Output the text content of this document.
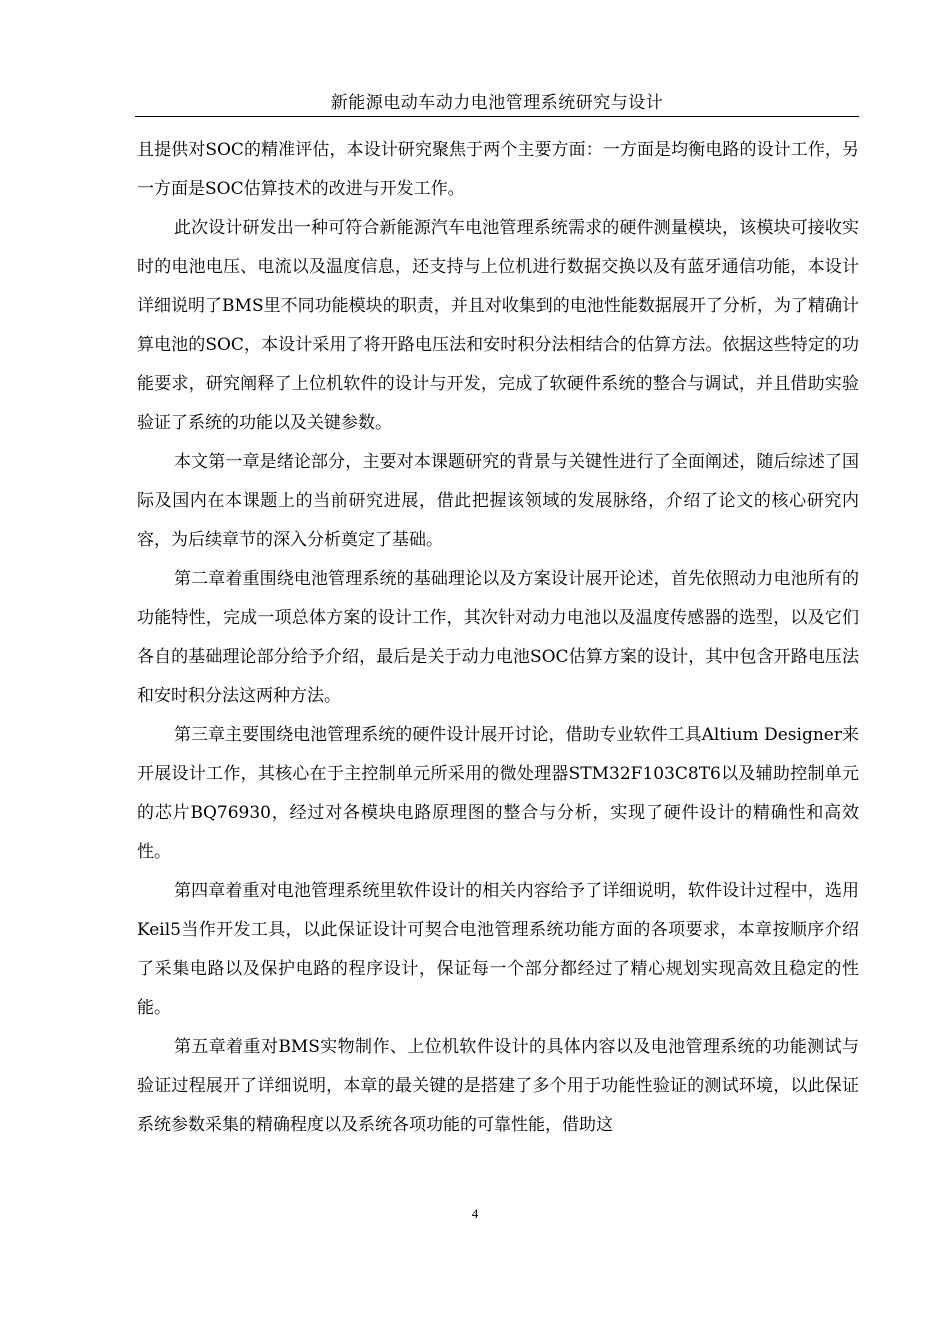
新能源电动车动力电池管理系统研究与设计

且提供对SOC的精准评估，本设计研究聚焦于两个主要方面：一方面是均衡电路的设计工作，另一方面是SOC估算技术的改进与开发工作。

此次设计研发出一种可符合新能源汽车电池管理系统需求的硬件测量模块，该模块可接收实时的电池电压、电流以及温度信息，还支持与上位机进行数据交换以及有蓝牙通信功能，本设计详细说明了BMS里不同功能模块的职责，并且对收集到的电池性能数据展开了分析，为了精确计算电池的SOC，本设计采用了将开路电压法和安时积分法相结合的估算方法。依据这些特定的功能要求，研究阐释了上位机软件的设计与开发，完成了软硬件系统的整合与调试，并且借助实验验证了系统的功能以及关键参数。

本文第一章是绪论部分，主要对本课题研究的背景与关键性进行了全面阐述，随后综述了国际及国内在本课题上的当前研究进展，借此把握该领域的发展脉络，介绍了论文的核心研究内容，为后续章节的深入分析奠定了基础。

第二章着重围绕电池管理系统的基础理论以及方案设计展开论述，首先依照动力电池所有的功能特性，完成一项总体方案的设计工作，其次针对动力电池以及温度传感器的选型，以及它们各自的基础理论部分给予介绍，最后是关于动力电池SOC估算方案的设计，其中包含开路电压法和安时积分法这两种方法。

第三章主要围绕电池管理系统的硬件设计展开讨论，借助专业软件工具Altium Designer来开展设计工作，其核心在于主控制单元所采用的微处理器STM32F103C8T6以及辅助控制单元的芯片BQ76930，经过对各模块电路原理图的整合与分析，实现了硬件设计的精确性和高效性。

第四章着重对电池管理系统里软件设计的相关内容给予了详细说明，软件设计过程中，选用Keil5当作开发工具，以此保证设计可契合电池管理系统功能方面的各项要求，本章按顺序介绍了采集电路以及保护电路的程序设计，保证每一个部分都经过了精心规划实现高效且稳定的性能。

第五章着重对BMS实物制作、上位机软件设计的具体内容以及电池管理系统的功能测试与验证过程展开了详细说明，本章的最关键的是搭建了多个用于功能性验证的测试环境，以此保证系统参数采集的精确程度以及系统各项功能的可靠性能，借助这

4
